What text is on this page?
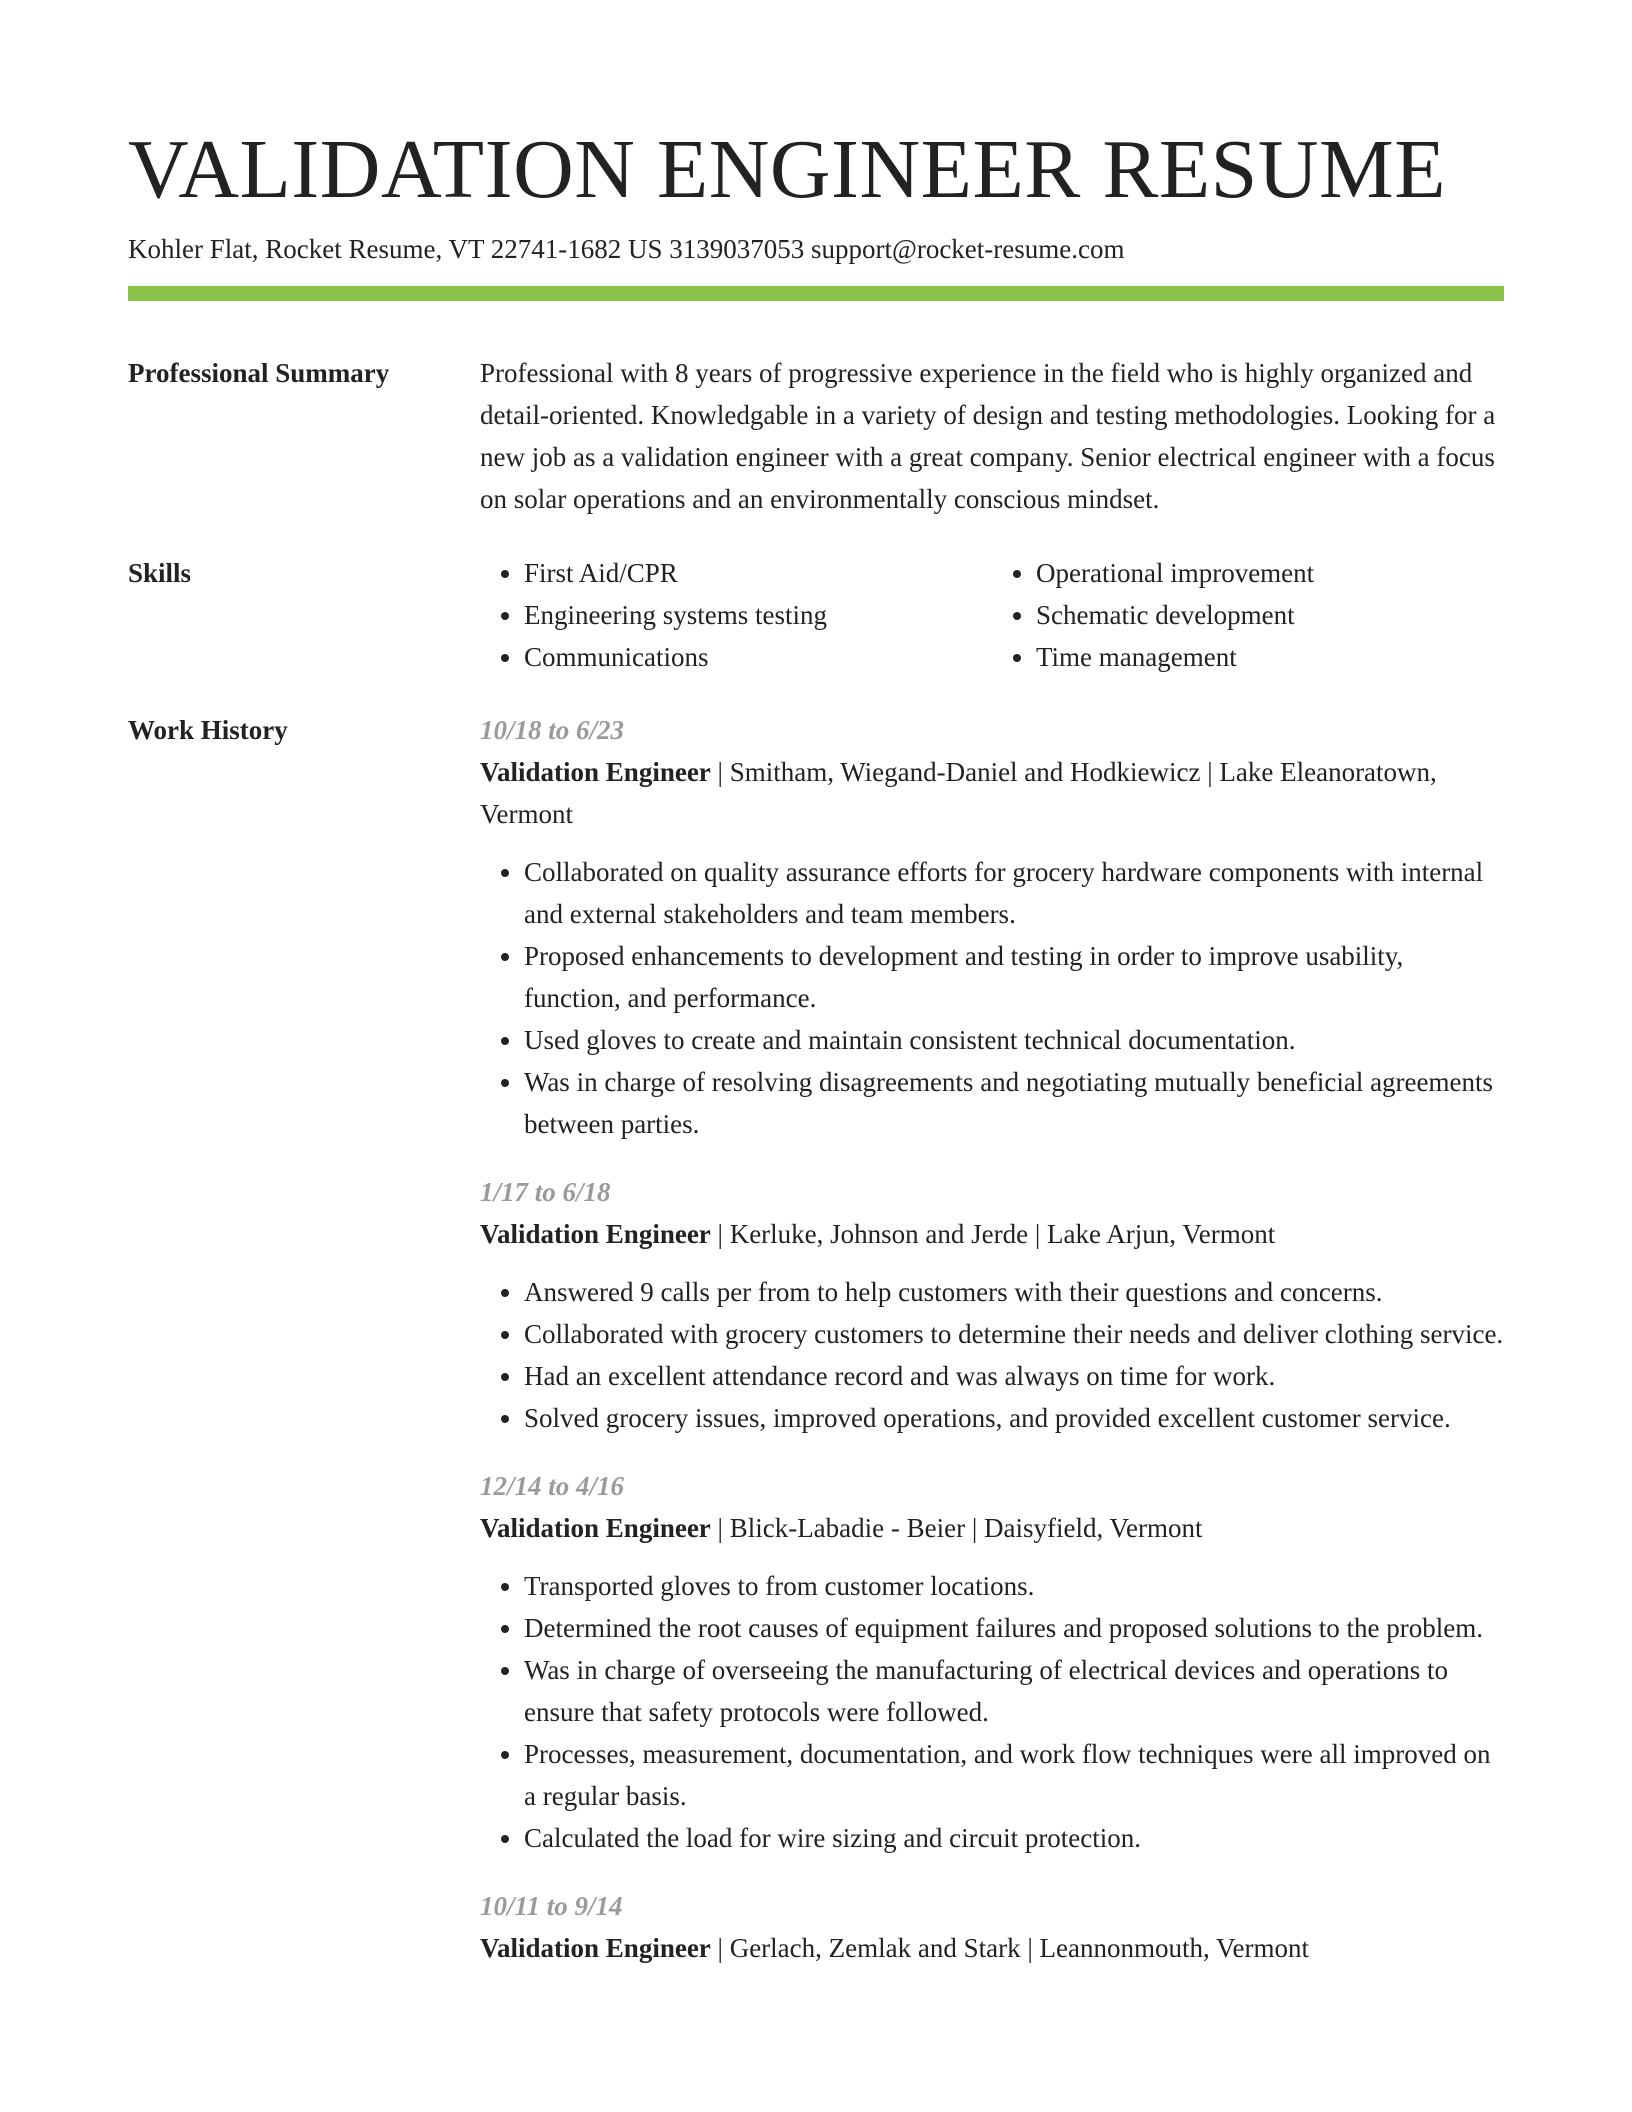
VALIDATION ENGINEER RESUME
Kohler Flat, Rocket Resume, VT 22741-1682 US 3139037053 support@rocket-resume.com
Professional Summary	Professional with 8 years of progressive experience in the field who is highly organized and detail-oriented. Knowledgable in a variety of design and testing methodologies. Looking for a new job as a validation engineer with a great company. Senior electrical engineer with a focus on solar operations and an environmentally conscious mindset.

Skills
•	First Aid/CPR
• Engineering systems testing
• Communications
• Operational improvement
• Schematic development
• Time management
Work History	10/18 to 6/23
Validation Engineer | Smitham, Wiegand-Daniel and Hodkiewicz | Lake Eleanoratown, Vermont
• Collaborated on quality assurance efforts for grocery hardware components with internal and external stakeholders and team members.
• Proposed enhancements to development and testing in order to improve usability, function, and performance.
• Used gloves to create and maintain consistent technical documentation.
• Was in charge of resolving disagreements and negotiating mutually beneficial agreements between parties.
1/17 to 6/18
Validation Engineer | Kerluke, Johnson and Jerde | Lake Arjun, Vermont
• Answered 9 calls per from to help customers with their questions and concerns.
• Collaborated with grocery customers to determine their needs and deliver clothing service.
• Had an excellent attendance record and was always on time for work.
• Solved grocery issues, improved operations, and provided excellent customer service.
12/14 to 4/16
Validation Engineer | Blick-Labadie - Beier | Daisyfield, Vermont
• Transported gloves to from customer locations.
• Determined the root causes of equipment failures and proposed solutions to the problem.
• Was in charge of overseeing the manufacturing of electrical devices and operations to ensure that safety protocols were followed.
• Processes, measurement, documentation, and work flow techniques were all improved on a regular basis.
• Calculated the load for wire sizing and circuit protection.
10/11 to 9/14
Validation Engineer | Gerlach, Zemlak and Stark | Leannonmouth, Vermont
